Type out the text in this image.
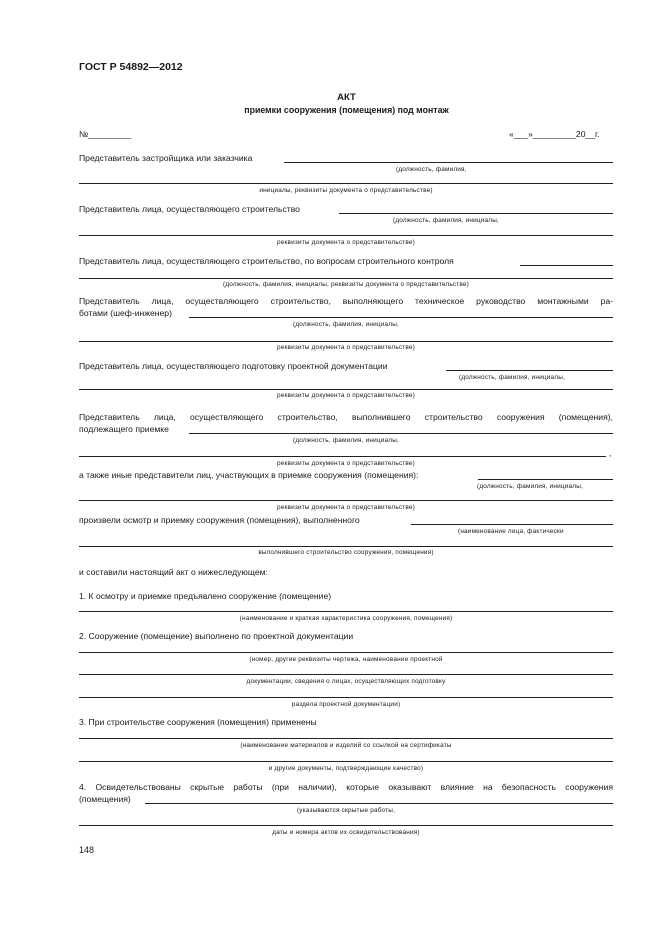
ГОСТ Р 54892—2012
АКТ
приемки сооружения (помещения) под монтаж
№_________	«___»_________20__г.
Представитель застройщика или заказчика
(должность, фамилия,
инициалы, реквизиты документа о представительстве)
Представитель лица, осуществляющего строительство
(должность, фамилия, инициалы,
реквизиты документа о представительстве)
Представитель лица, осуществляющего строительство, по вопросам строительного контроля
(должность, фамилия, инициалы, реквизиты документа о представительстве)
Представитель лица, осуществляющего строительство, выполняющего техническое руководство монтажными ра-
ботами (шеф-инженер)
(должность, фамилия, инициалы,
реквизиты документа о представительстве)
Представитель лица, осуществляющего подготовку проектной документации
(должность, фамилия, инициалы,
реквизиты документа о представительстве)
Представитель лица, осуществляющего строительство, выполнившего строительство сооружения (помещения),
подлежащего приемке
(должность, фамилия, инициалы,
,
реквизиты документа о представительстве)
а также иные представители лиц, участвующих в приемке сооружения (помещения):
(должность, фамилия, инициалы,
реквизиты документа о представительстве)
произвели осмотр и приемку сооружения (помещения), выполненного
(наименование лица, фактически
выполнившего строительство сооружения, помещения)
и составили настоящий акт о нижеследующем:
1. К осмотру и приемке предъявлено сооружение (помещение)
(наименование и краткая характеристика сооружения, помещения)
2. Сооружение (помещение) выполнено по проектной документации
(номер, другие реквизиты чертежа, наименование проектной
документации, сведения о лицах, осуществляющих подготовку
раздела проектной документации)
3. При строительстве сооружения (помещения) применены
(наименование материалов и изделий со ссылкой на сертификаты
и другие документы, подтверждающие качество)
4. Освидетельствованы скрытые работы (при наличии), которые оказывают влияние на безопасность сооружения
(помещения)
(указываются скрытые работы,
даты и номера актов их освидетельствования)
148
